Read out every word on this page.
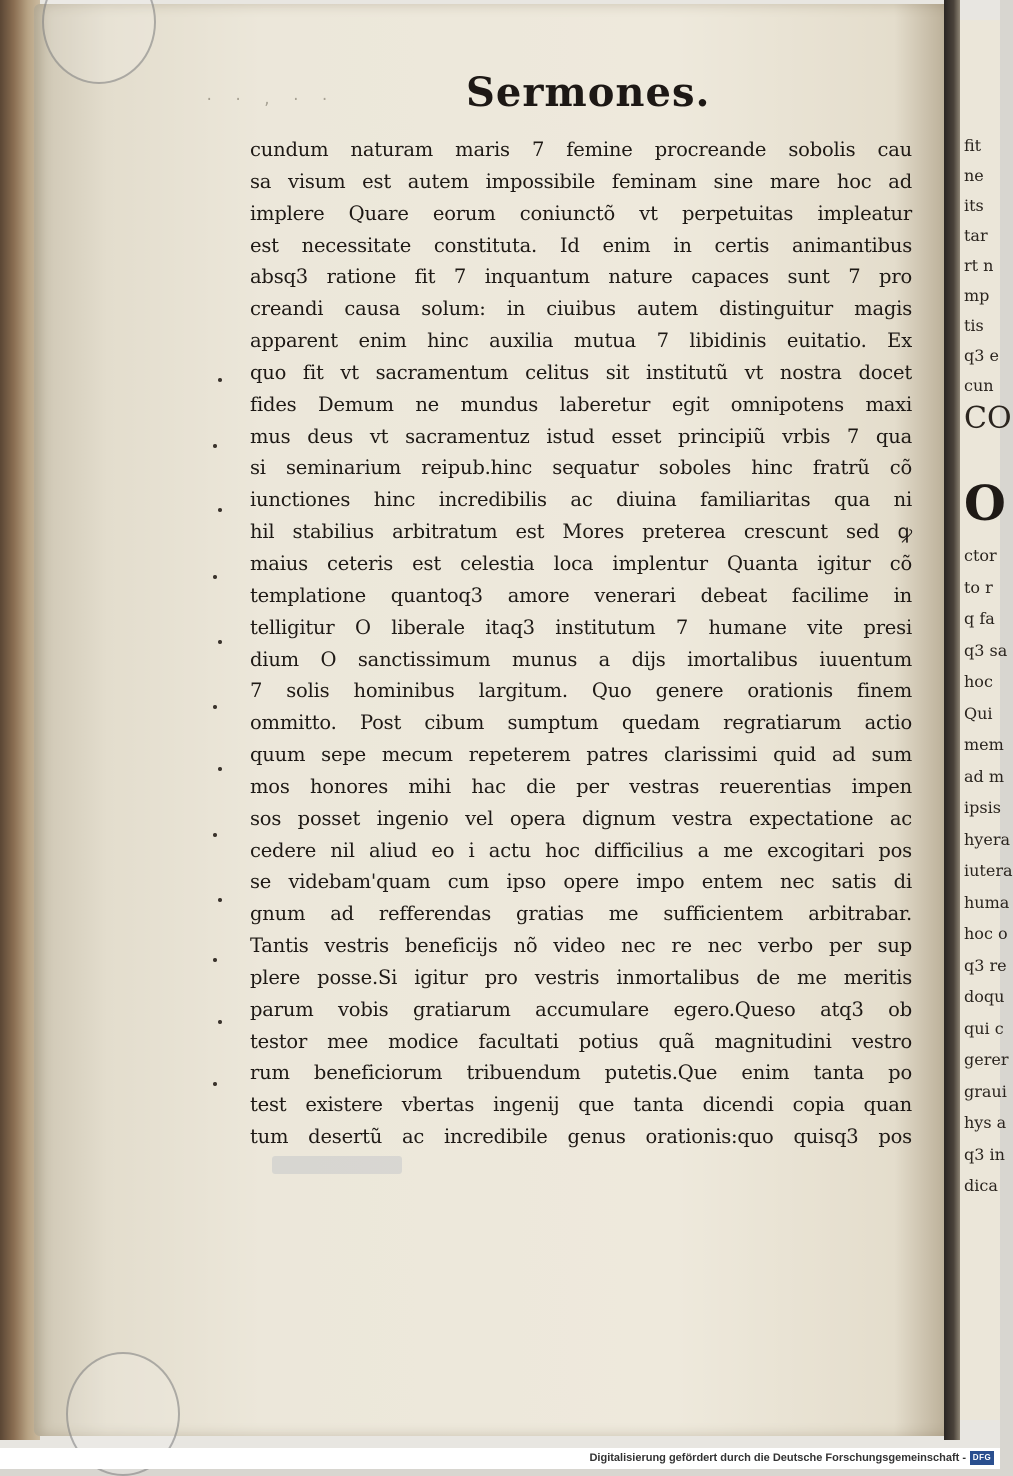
· · , · ·	Sermones.
cundum naturam maris 7 femine procreande sobolis cau
sa visum est autem impossibile feminam sine mare hoc ad
implere Quare eorum coniunctõ vt perpetuitas impleatur
est necessitate constituta. Id enim in certis animantibus
absq3 ratione fit 7 inquantum nature capaces sunt 7 pro
creandi causa solum: in ciuibus autem distinguitur magis
apparent enim hinc auxilia mutua 7 libidinis euitatio. Ex
quo fit vt sacramentum celitus sit institutũ vt nostra docet
fides Demum ne mundus laberetur egit omnipotens maxi
mus deus vt sacramentuz istud esset principiũ vrbis 7 qua
si seminarium reipub.hinc sequatur soboles hinc fratrũ cõ
iunctiones hinc incredibilis ac diuina familiaritas qua ni
hil stabilius arbitratum est Mores preterea crescunt sed ꝙ
maius ceteris est celestia loca implentur Quanta igitur cõ
templatione quantoq3 amore venerari debeat facilime in
telligitur O liberale itaq3 institutum 7 humane vite presi
dium O sanctissimum munus a dijs imortalibus iuuentum
7 solis hominibus largitum. Quo genere orationis finem
ommitto. Post cibum sumptum quedam regratiarum actio
quum sepe mecum repeterem patres clarissimi quid ad sum
mos honores mihi hac die per vestras reuerentias impen
sos posset ingenio vel opera dignum vestra expectatione ac
cedere nil aliud eo i actu hoc difficilius a me excogitari pos
se videbam'quam cum ipso opere impo entem nec satis di
gnum ad refferendas gratias me sufficientem arbitrabar.
Tantis vestris beneficijs nõ video nec re nec verbo per sup
plere posse.Si igitur pro vestris inmortalibus de me meritis
parum vobis gratiarum accumulare egero.Queso atq3 ob
testor mee modice facultati potius quã magnitudini vestro
rum beneficiorum tribuendum putetis.Que enim tanta po
test existere vbertas ingenij que tanta dicendi copia quan
tum desertũ ac incredibile genus orationis:quo quisq3 pos
fit
ne
its
tar
rt n
mp
tis
q3 e
cun
CO
O
ctor
to r
q fa
q3 sa
hoc
Qui
mem
ad m
ipsis
hyera
iutera
huma
hoc o
q3 re
doqu
qui c
gerer
graui
hys a
q3 in
dica
Digitalisierung gefördert durch die Deutsche Forschungsgemeinschaft - DFG
